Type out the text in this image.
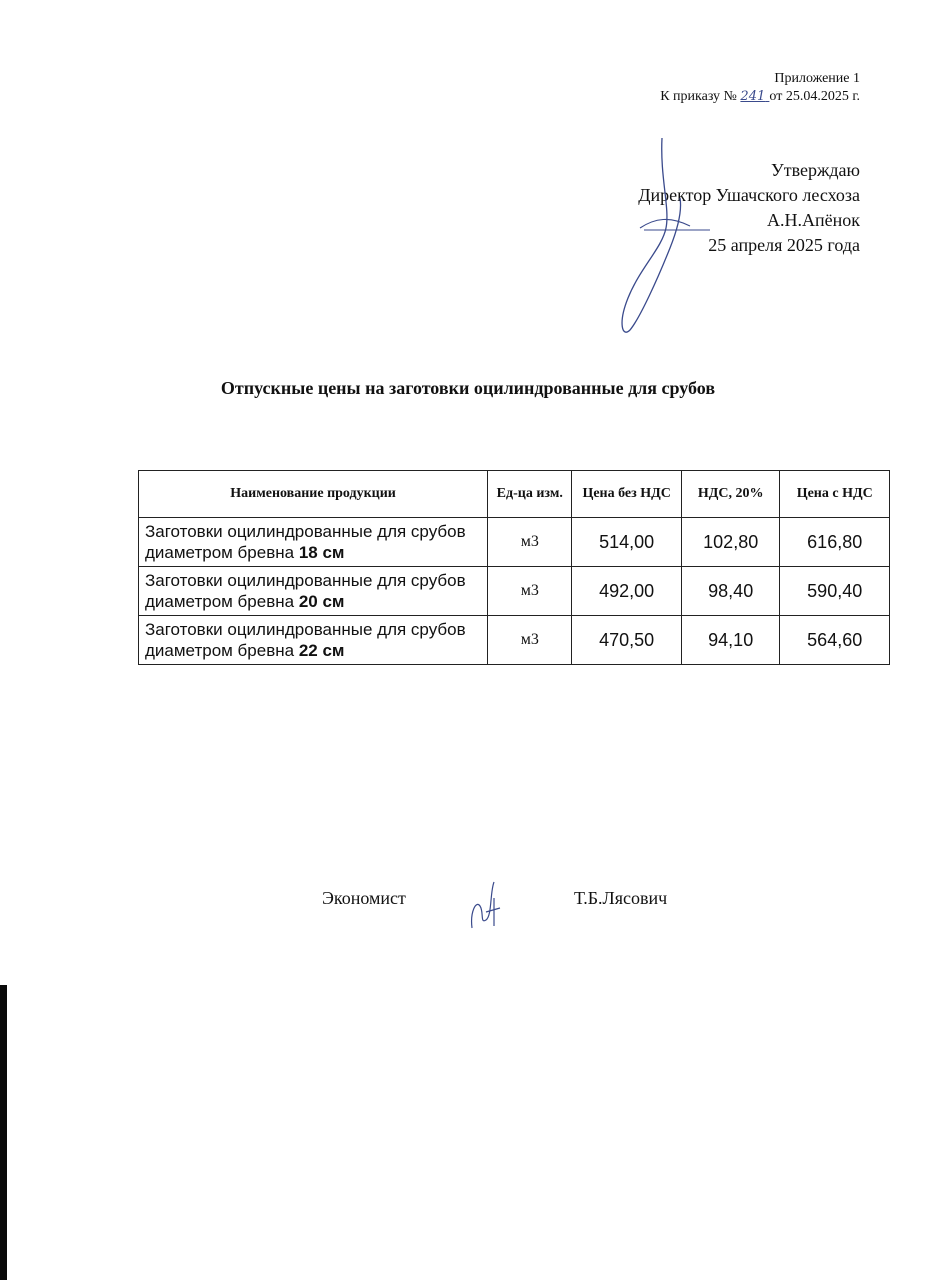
Приложение 1
К приказу № 241 от 25.04.2025 г.
Утверждаю
Директор Ушачского лесхоза
А.Н.Апёнок
25 апреля 2025 года
Отпускные цены на заготовки оцилиндрованные для срубов
Наименование продукции	Ед-ца изм.	Цена без НДС	НДС, 20%	Цена с НДС
Заготовки оцилиндрованные для срубов диаметром бревна 18 см	м3	514,00	102,80	616,80
Заготовки оцилиндрованные для срубов диаметром бревна 20 см	м3	492,00	98,40	590,40
Заготовки оцилиндрованные для срубов диаметром бревна 22 см	м3	470,50	94,10	564,60
Экономист	Т.Б.Лясович
